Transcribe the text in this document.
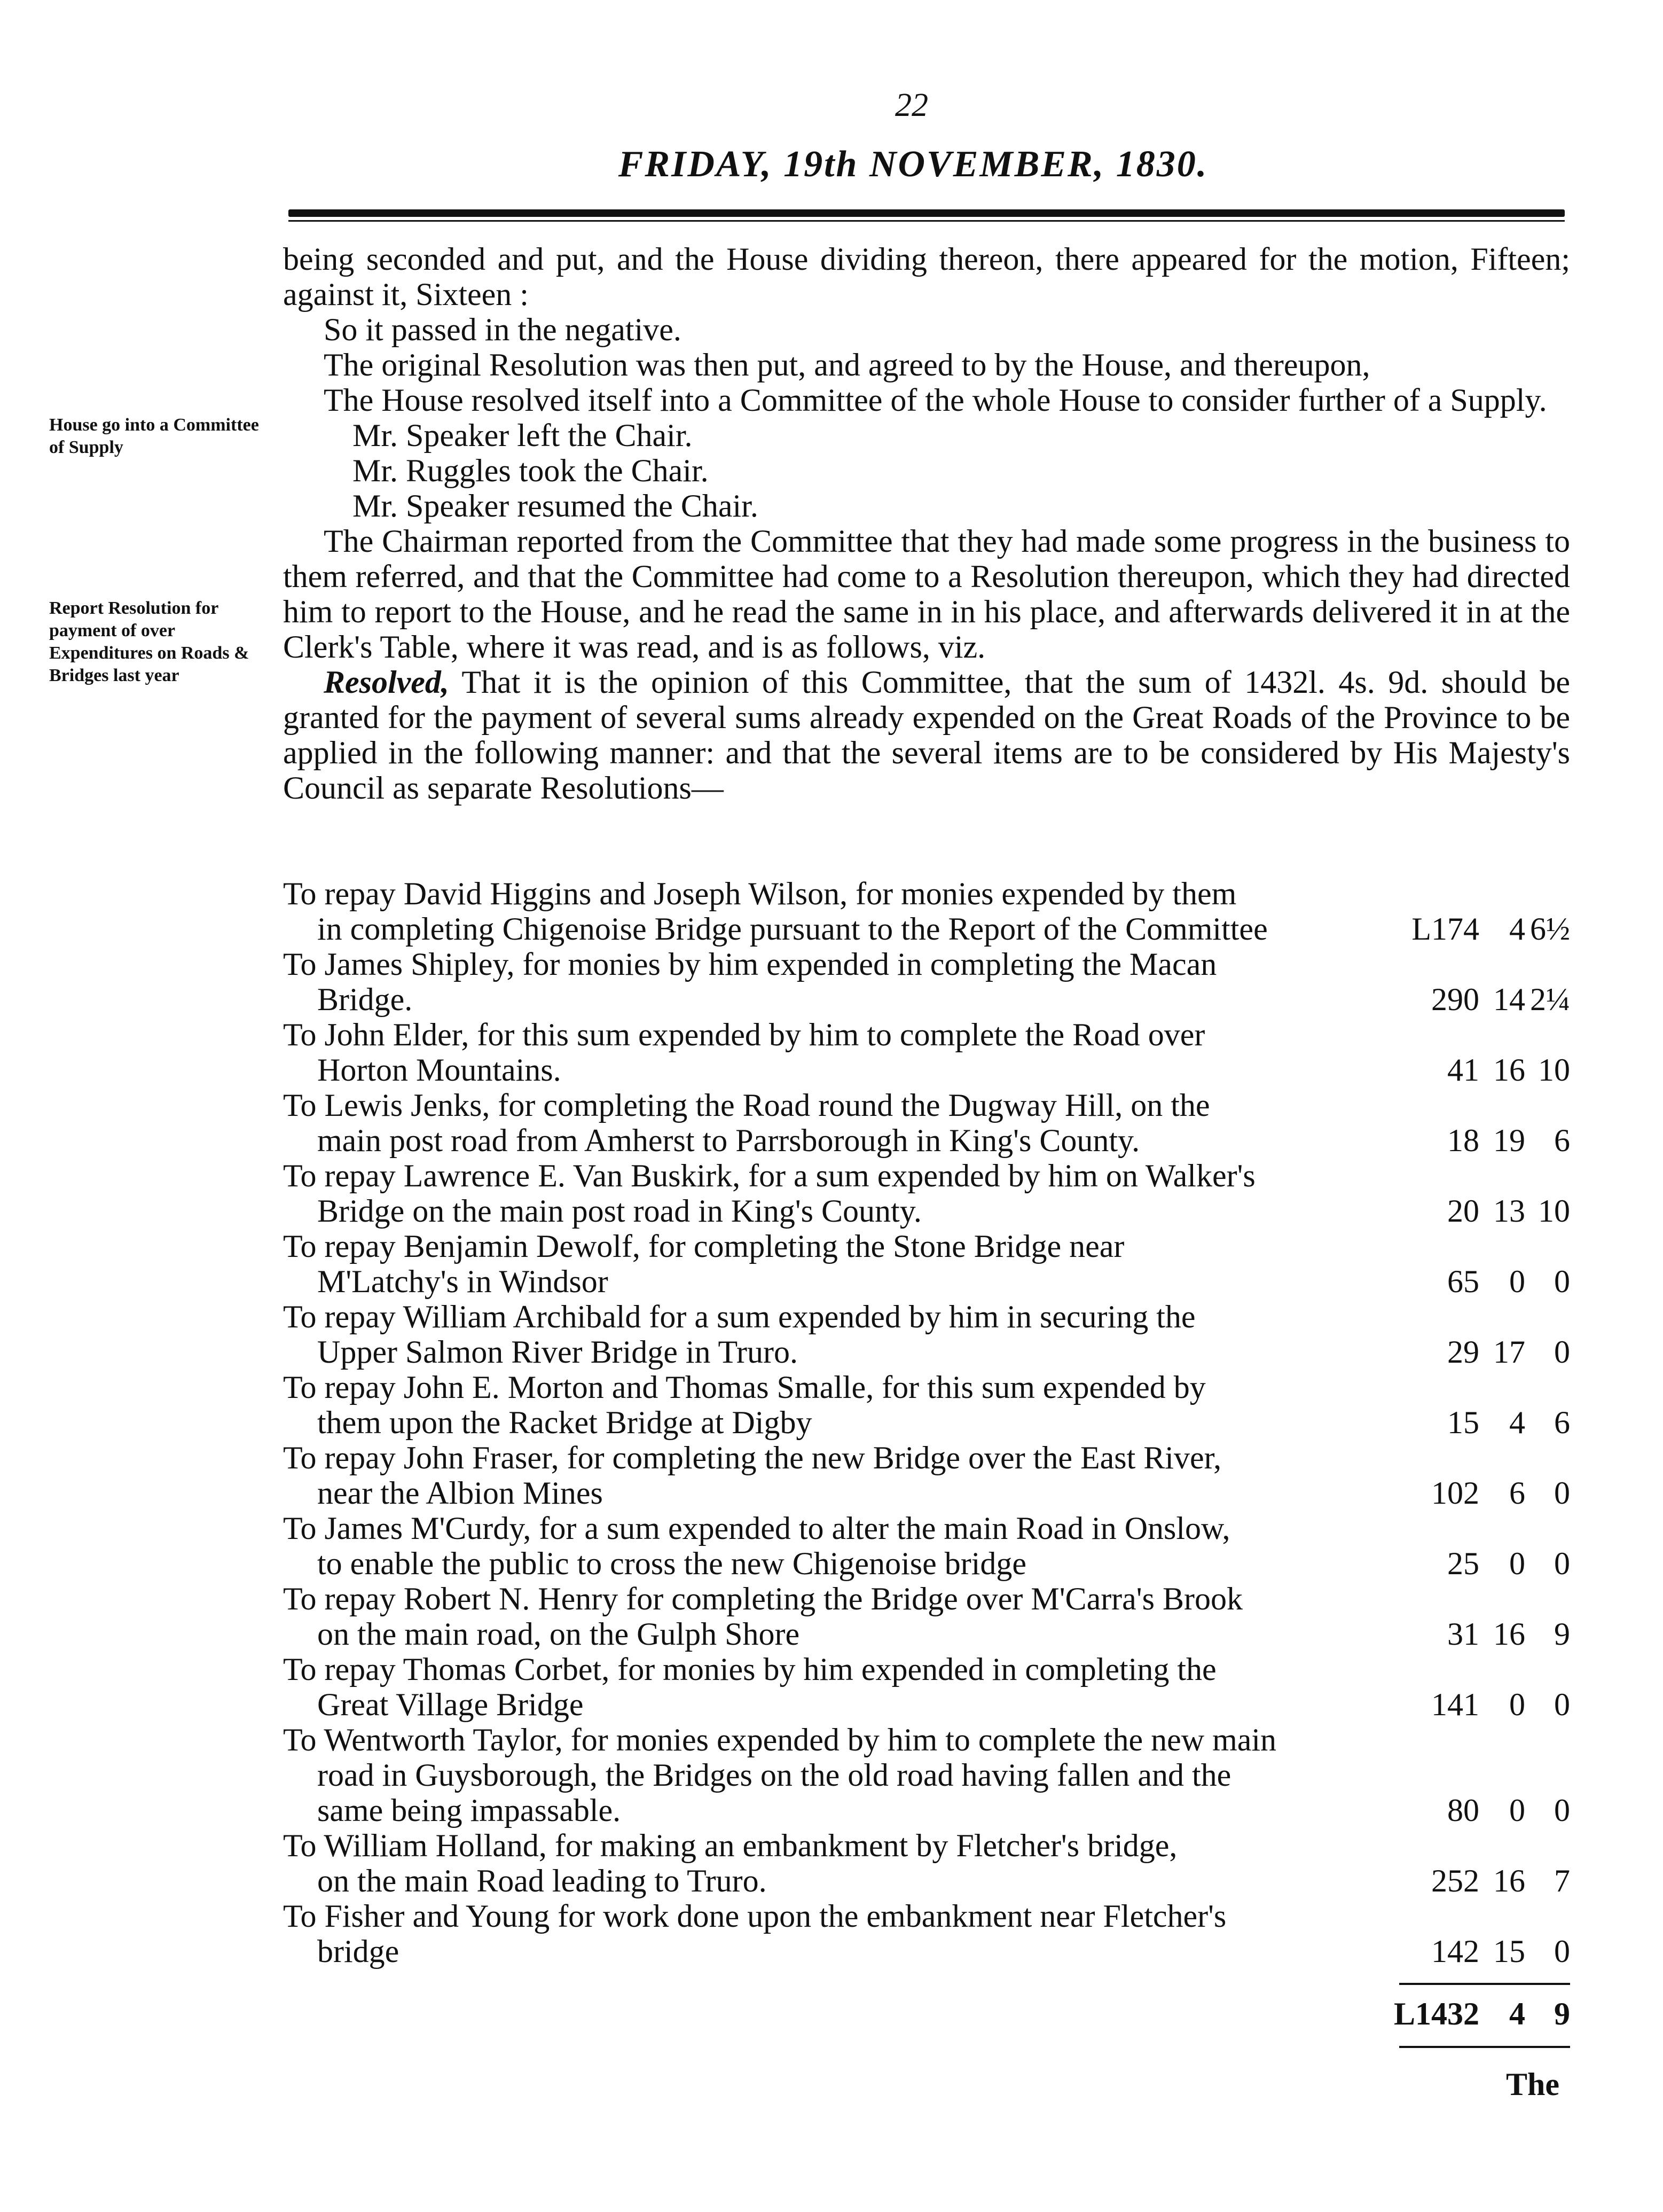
22
FRIDAY, 19th NOVEMBER, 1830.
House go into a Committee of Supply
Report Resolution for payment of over Expenditures on Roads & Bridges last year

being seconded and put, and the House dividing thereon, there appeared for the motion, Fifteen; against it, Sixteen :

So it passed in the negative.

The original Resolution was then put, and agreed to by the House, and thereupon,

The House resolved itself into a Committee of the whole House to consider further of a Supply.

Mr. Speaker left the Chair.

Mr. Ruggles took the Chair.

Mr. Speaker resumed the Chair.

The Chairman reported from the Committee that they had made some progress in the business to them referred, and that the Committee had come to a Resolution thereupon, which they had directed him to report to the House, and he read the same in in his place, and afterwards delivered it in at the Clerk's Table, where it was read, and is as follows, viz.

Resolved, That it is the opinion of this Committee, that the sum of 1432l. 4s. 9d. should be granted for the payment of several sums already expended on the Great Roads of the Province to be applied in the following manner: and that the several items are to be considered by His Majesty's Council as separate Resolutions—

To repay David Higgins and Joseph Wilson, for monies expended by them
in completing Chigenoise Bridge pursuant to the Report of the Committee	L174 4 6½
To James Shipley, for monies by him expended in completing the Macan
Bridge.	290 14 2¼
To John Elder, for this sum expended by him to complete the Road over
Horton Mountains.	41 16 10
To Lewis Jenks, for completing the Road round the Dugway Hill, on the
main post road from Amherst to Parrsborough in King's County.	18 19 6
To repay Lawrence E. Van Buskirk, for a sum expended by him on Walker's
Bridge on the main post road in King's County.	20 13 10
To repay Benjamin Dewolf, for completing the Stone Bridge near
M'Latchy's in Windsor	65 0 0
To repay William Archibald for a sum expended by him in securing the
Upper Salmon River Bridge in Truro.	29 17 0
To repay John E. Morton and Thomas Smalle, for this sum expended by
them upon the Racket Bridge at Digby	15 4 6
To repay John Fraser, for completing the new Bridge over the East River,
near the Albion Mines	102 6 0
To James M'Curdy, for a sum expended to alter the main Road in Onslow,
to enable the public to cross the new Chigenoise bridge	25 0 0
To repay Robert N. Henry for completing the Bridge over M'Carra's Brook
on the main road, on the Gulph Shore	31 16 9
To repay Thomas Corbet, for monies by him expended in completing the
Great Village Bridge	141 0 0
To Wentworth Taylor, for monies expended by him to complete the new main
road in Guysborough, the Bridges on the old road having fallen and the
same being impassable.	80 0 0
To William Holland, for making an embankment by Fletcher's bridge,
on the main Road leading to Truro.	252 16 7
To Fisher and Young for work done upon the embankment near Fletcher's
bridge	142 15 0
L1432 4 9
The
